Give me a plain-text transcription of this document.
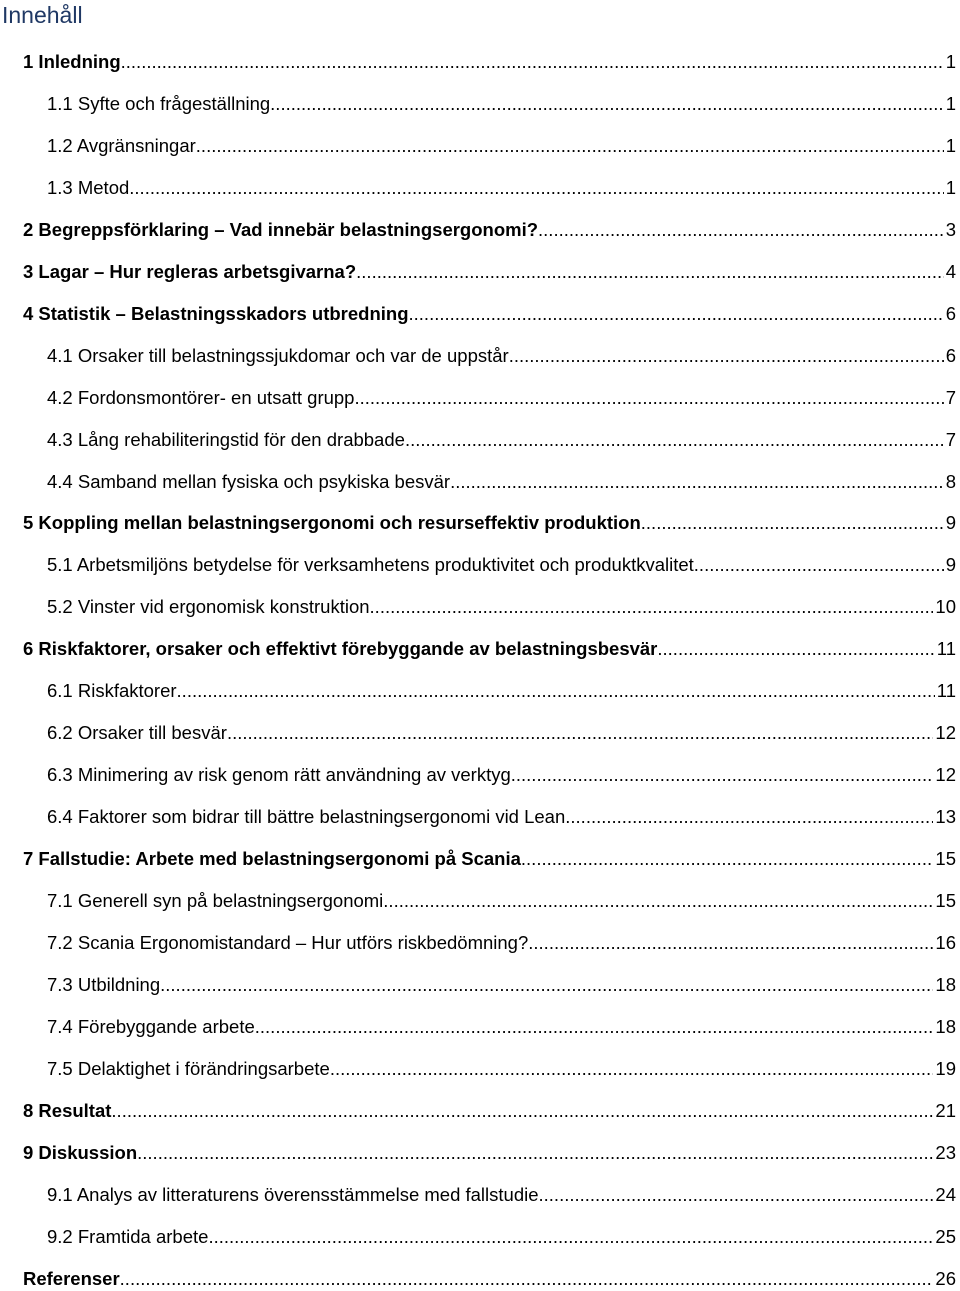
Innehåll
1 Inledning .....	1
1.1 Syfte och frågeställning .....	1
1.2 Avgränsningar .....	1
1.3 Metod .....	1
2 Begreppsförklaring – Vad innebär belastningsergonomi? .....	3
3 Lagar – Hur regleras arbetsgivarna? .....	4
4 Statistik – Belastningsskadors utbredning .....	6
4.1 Orsaker till belastningssjukdomar och var de uppstår .....	6
4.2 Fordonsmontörer- en utsatt grupp .....	7
4.3 Lång rehabiliteringstid för den drabbade .....	7
4.4 Samband mellan fysiska och psykiska besvär .....	8
5 Koppling mellan belastningsergonomi och resurseffektiv produktion .....	9
5.1 Arbetsmiljöns betydelse för verksamhetens produktivitet och produktkvalitet .....	9
5.2 Vinster vid ergonomisk konstruktion .....	10
6 Riskfaktorer, orsaker och effektivt förebyggande av belastningsbesvär .....	11
6.1 Riskfaktorer .....	11
6.2 Orsaker till besvär .....	12
6.3 Minimering av risk genom rätt användning av verktyg .....	12
6.4 Faktorer som bidrar till bättre belastningsergonomi vid Lean .....	13
7 Fallstudie: Arbete med belastningsergonomi på Scania .....	15
7.1 Generell syn på belastningsergonomi .....	15
7.2 Scania Ergonomistandard – Hur utförs riskbedömning? .....	16
7.3 Utbildning .....	18
7.4 Förebyggande arbete .....	18
7.5 Delaktighet i förändringsarbete .....	19
8 Resultat .....	21
9 Diskussion .....	23
9.1 Analys av litteraturens överensstämmelse med fallstudie .....	24
9.2 Framtida arbete .....	25
Referenser .....	26
